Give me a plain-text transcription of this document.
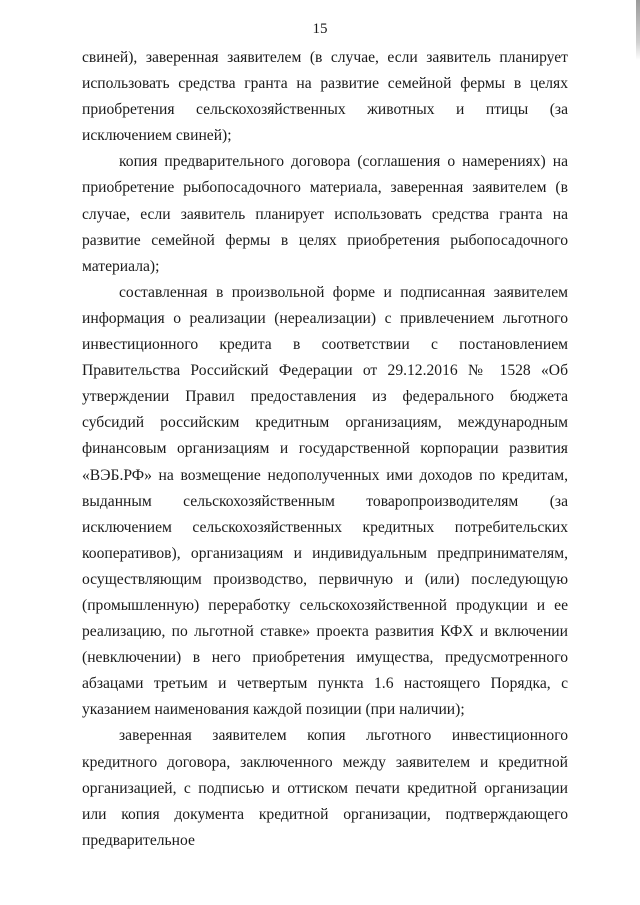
15

свиней), заверенная заявителем (в случае, если заявитель планирует использовать средства гранта на развитие семейной фермы в целях приобретения сельскохозяйственных животных и птицы (за исключением свиней);

копия предварительного договора (соглашения о намерениях) на приобретение рыбопосадочного материала, заверенная заявителем (в случае, если заявитель планирует использовать средства гранта на развитие семейной фермы в целях приобретения рыбопосадочного материала);

составленная в произвольной форме и подписанная заявителем информация о реализации (нереализации) с привлечением льготного инвестиционного кредита в соответствии с постановлением Правительства Российский Федерации от 29.12.2016 № 1528 «Об утверждении Правил предоставления из федерального бюджета субсидий российским кредитным организациям, международным финансовым организациям и государственной корпорации развития «ВЭБ.РФ» на возмещение недополученных ими доходов по кредитам, выданным сельскохозяйственным товаропроизводителям (за исключением сельскохозяйственных кредитных потребительских кооперативов), организациям и индивидуальным предпринимателям, осуществляющим производство, первичную и (или) последующую (промышленную) переработку сельскохозяйственной продукции и ее реализацию, по льготной ставке» проекта развития КФХ и включении (невключении) в него приобретения имущества, предусмотренного абзацами третьим и четвертым пункта 1.6 настоящего Порядка, с указанием наименования каждой позиции (при наличии);

заверенная заявителем копия льготного инвестиционного кредитного договора, заключенного между заявителем и кредитной организацией, с подписью и оттиском печати кредитной организации или копия документа кредитной организации, подтверждающего предварительное
